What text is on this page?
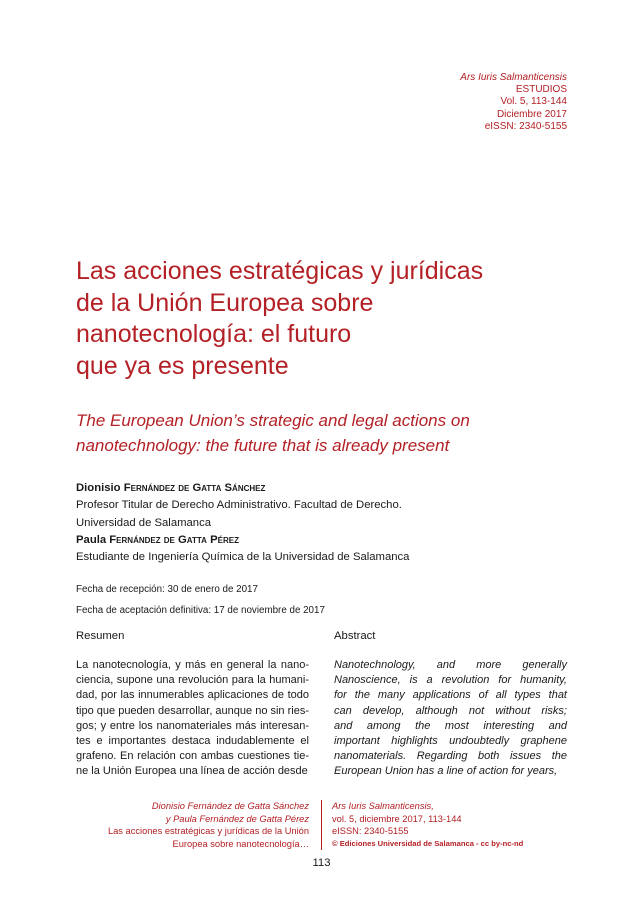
Ars Iuris Salmanticensis
ESTUDIOS
Vol. 5, 113-144
Diciembre 2017
eISSN: 2340-5155
Las acciones estratégicas y jurídicas
de la Unión Europea sobre
nanotecnología: el futuro
que ya es presente
The European Union’s strategic and legal actions on
nanotechnology: the future that is already present
Dionisio Fernández de Gatta Sánchez
Profesor Titular de Derecho Administrativo. Facultad de Derecho.
Universidad de Salamanca
Paula Fernández de Gatta Pérez
Estudiante de Ingeniería Química de la Universidad de Salamanca
Fecha de recepción: 30 de enero de 2017
Fecha de aceptación definitiva: 17 de noviembre de 2017
Resumen	Abstract
La nanotecnología, y más en general la nano-
ciencia, supone una revolución para la humani-
dad, por las innumerables aplicaciones de todo
tipo que pueden desarrollar, aunque no sin ries-
gos; y entre los nanomateriales más interesan-
tes e importantes destaca indudablemente el
grafeno. En relación con ambas cuestiones tie-
ne la Unión Europea una línea de acción desde
Nanotechnology, and more generally
Nanoscience, is a revolution for humanity,
for the many applications of all types that
can develop, although not without risks;
and among the most interesting and
important highlights undoubtedly graphene
nanomaterials. Regarding both issues the
European Union has a line of action for years,
Dionisio Fernández de Gatta Sánchez
y Paula Fernández de Gatta Pérez
Las acciones estratégicas y jurídicas de la Unión
Europea sobre nanotecnología…
Ars Iuris Salmanticensis,
vol. 5, diciembre 2017, 113-144
eISSN: 2340-5155
© Ediciones Universidad de Salamanca - cc by-nc-nd
113
